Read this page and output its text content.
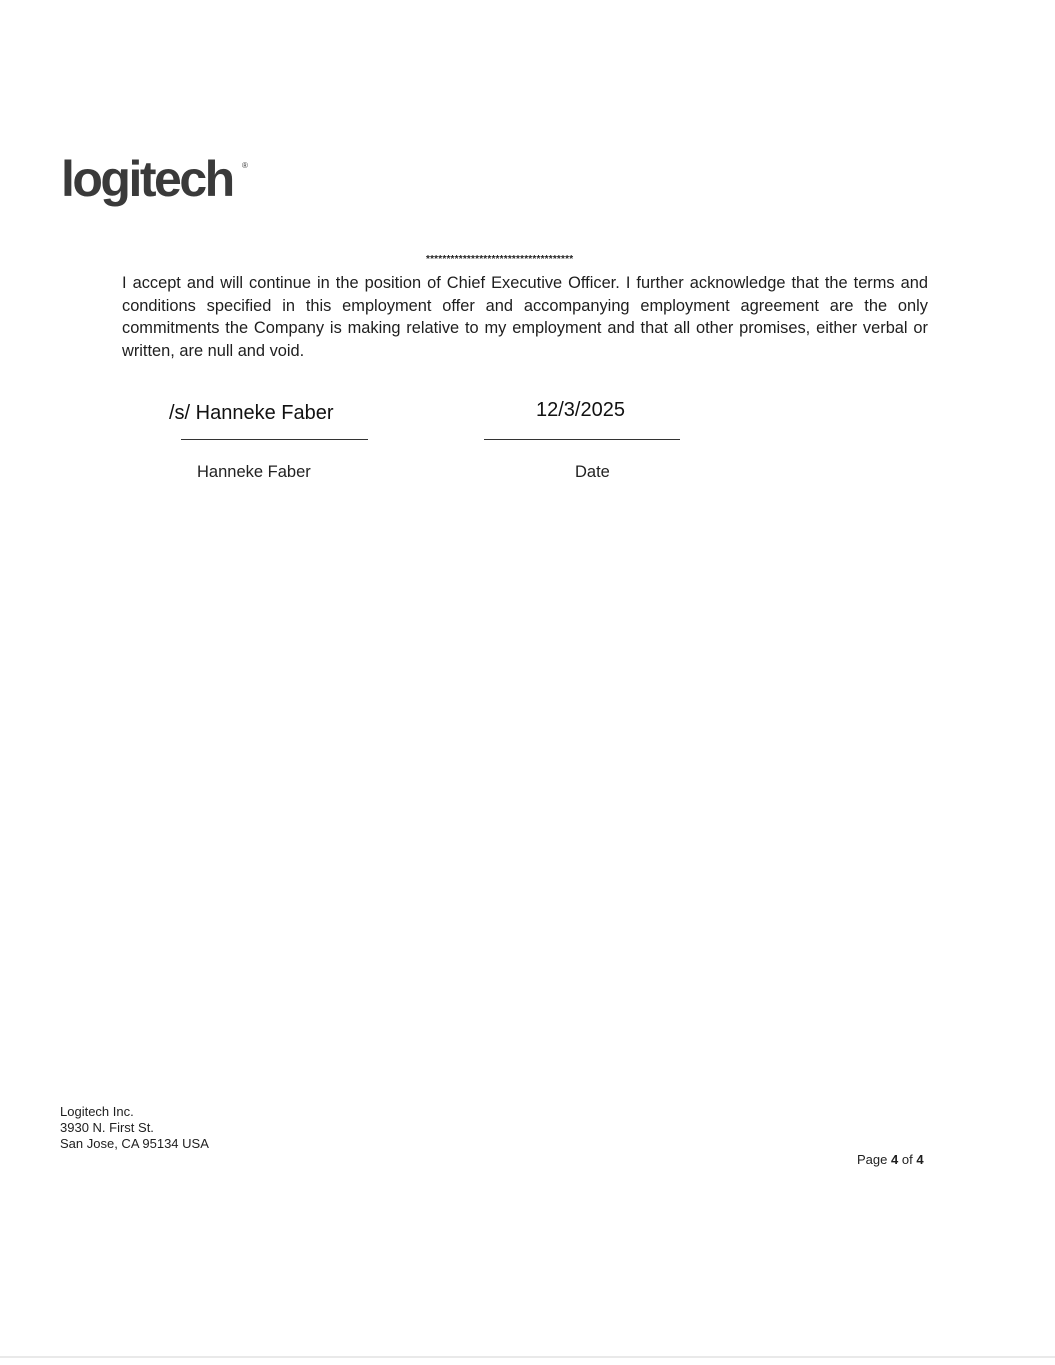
logitech ®
************************************

I accept and will continue in the position of Chief Executive Officer. I further acknowledge that the terms and conditions specified in this employment offer and accompanying employment agreement are the only commitments the Company is making relative to my employment and that all other promises, either verbal or written, are null and void.

/s/ Hanneke Faber	12/3/2025
Hanneke Faber	Date
Logitech Inc.
3930 N. First St.
San Jose, CA 95134 USA
Page 4 of 4
